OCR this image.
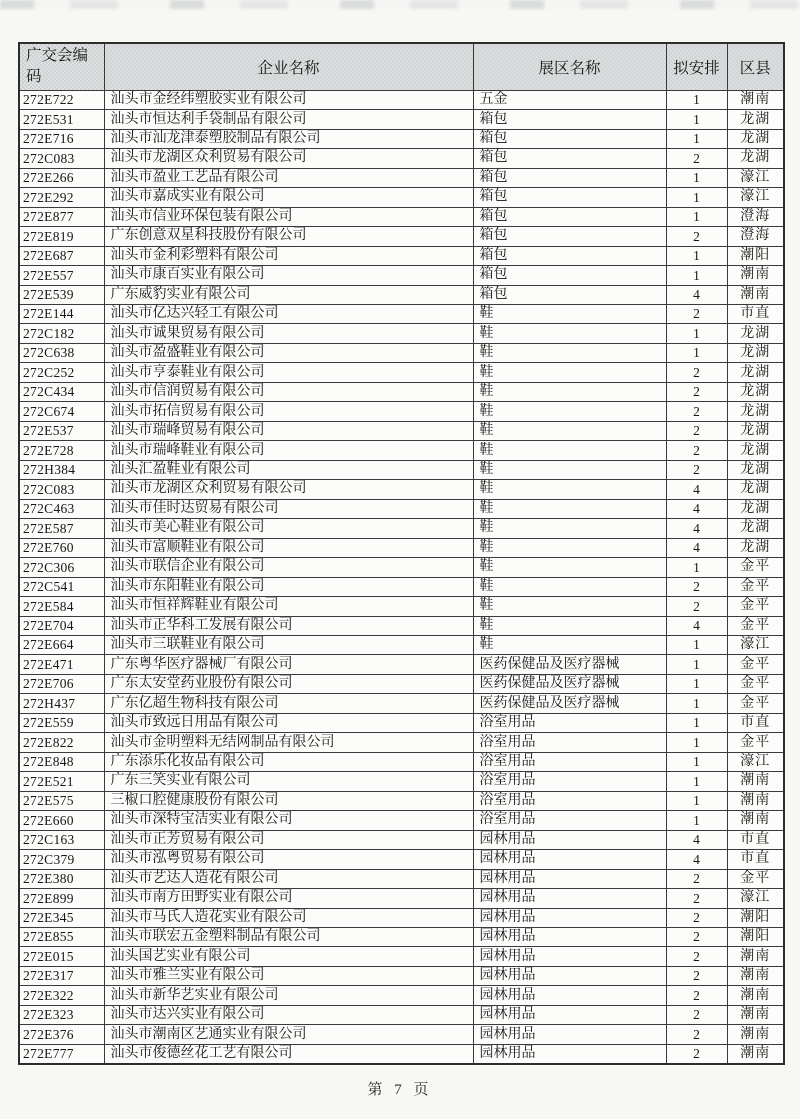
广交会编码	企业名称	展区名称	拟安排	区县
272E722	汕头市金经纬塑胶实业有限公司	五金	1	潮南
272E531	汕头市恒达利手袋制品有限公司	箱包	1	龙湖
272E716	汕头市汕龙津泰塑胶制品有限公司	箱包	1	龙湖
272C083	汕头市龙湖区众利贸易有限公司	箱包	2	龙湖
272E266	汕头市盈业工艺品有限公司	箱包	1	濠江
272E292	汕头市嘉成实业有限公司	箱包	1	濠江
272E877	汕头市信业环保包装有限公司	箱包	1	澄海
272E819	广东创意双星科技股份有限公司	箱包	2	澄海
272E687	汕头市金利彩塑料有限公司	箱包	1	潮阳
272E557	汕头市康百实业有限公司	箱包	1	潮南
272E539	广东威豹实业有限公司	箱包	4	潮南
272E144	汕头市亿达兴轻工有限公司	鞋	2	市直
272C182	汕头市诚果贸易有限公司	鞋	1	龙湖
272C638	汕头市盈盛鞋业有限公司	鞋	1	龙湖
272C252	汕头市亨泰鞋业有限公司	鞋	2	龙湖
272C434	汕头市信润贸易有限公司	鞋	2	龙湖
272C674	汕头市拓信贸易有限公司	鞋	2	龙湖
272E537	汕头市瑞峰贸易有限公司	鞋	2	龙湖
272E728	汕头市瑞峰鞋业有限公司	鞋	2	龙湖
272H384	汕头汇盈鞋业有限公司	鞋	2	龙湖
272C083	汕头市龙湖区众利贸易有限公司	鞋	4	龙湖
272C463	汕头市佳时达贸易有限公司	鞋	4	龙湖
272E587	汕头市美心鞋业有限公司	鞋	4	龙湖
272E760	汕头市富顺鞋业有限公司	鞋	4	龙湖
272C306	汕头市联信企业有限公司	鞋	1	金平
272C541	汕头市东阳鞋业有限公司	鞋	2	金平
272E584	汕头市恒祥辉鞋业有限公司	鞋	2	金平
272E704	汕头市正华科工发展有限公司	鞋	4	金平
272E664	汕头市三联鞋业有限公司	鞋	1	濠江
272E471	广东粤华医疗器械厂有限公司	医药保健品及医疗器械	1	金平
272E706	广东太安堂药业股份有限公司	医药保健品及医疗器械	1	金平
272H437	广东亿超生物科技有限公司	医药保健品及医疗器械	1	金平
272E559	汕头市致远日用品有限公司	浴室用品	1	市直
272E822	汕头市金明塑料无结网制品有限公司	浴室用品	1	金平
272E848	广东添乐化妆品有限公司	浴室用品	1	濠江
272E521	广东三笑实业有限公司	浴室用品	1	潮南
272E575	三椒口腔健康股份有限公司	浴室用品	1	潮南
272E660	汕头市深特宝洁实业有限公司	浴室用品	1	潮南
272C163	汕头市正芳贸易有限公司	园林用品	4	市直
272C379	汕头市泓粤贸易有限公司	园林用品	4	市直
272E380	汕头市艺达人造花有限公司	园林用品	2	金平
272E899	汕头市南方田野实业有限公司	园林用品	2	濠江
272E345	汕头市马氏人造花实业有限公司	园林用品	2	潮阳
272E855	汕头市联宏五金塑料制品有限公司	园林用品	2	潮阳
272E015	汕头国艺实业有限公司	园林用品	2	潮南
272E317	汕头市雅兰实业有限公司	园林用品	2	潮南
272E322	汕头市新华艺实业有限公司	园林用品	2	潮南
272E323	汕头市达兴实业有限公司	园林用品	2	潮南
272E376	汕头市潮南区艺通实业有限公司	园林用品	2	潮南
272E777	汕头市俊德丝花工艺有限公司	园林用品	2	潮南
第 7 页
